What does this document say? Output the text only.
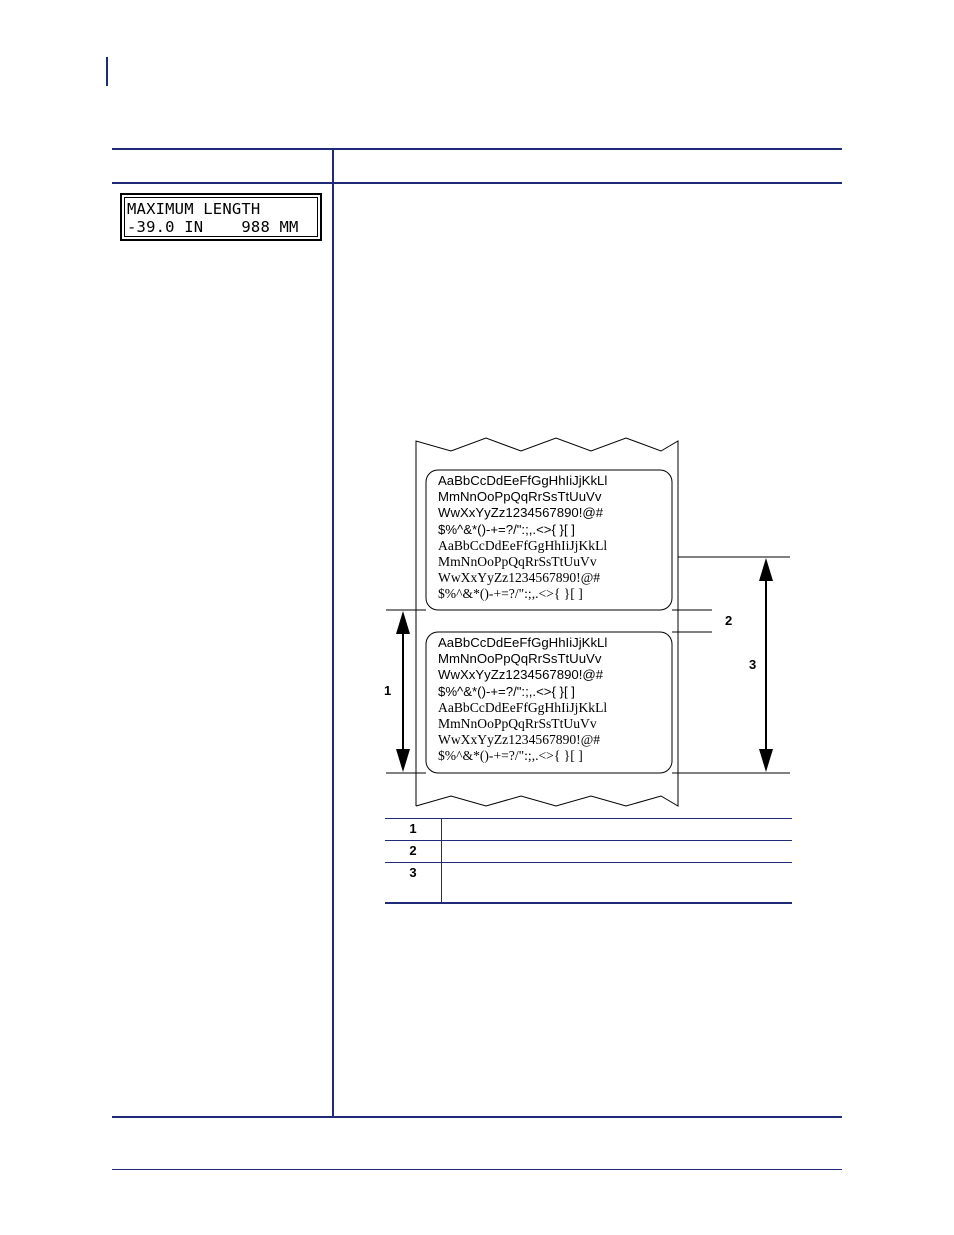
MAXIMUM LENGTH
-39.0 IN    988 MM
AaBbCcDdEeFfGgHhIiJjKkLl
MmNnOoPpQqRrSsTtUuVv
WwXxYyZz1234567890!@#
$%^&*()-+=?/":;,.<>{ }[ ]
AaBbCcDdEeFfGgHhIiJjKkLl
MmNnOoPpQqRrSsTtUuVv
WwXxYyZz1234567890!@#
$%^&*()-+=?/":;,.<>{ }[ ]
AaBbCcDdEeFfGgHhIiJjKkLl
MmNnOoPpQqRrSsTtUuVv
WwXxYyZz1234567890!@#
$%^&*()-+=?/":;,.<>{ }[ ]
AaBbCcDdEeFfGgHhIiJjKkLl
MmNnOoPpQqRrSsTtUuVv
WwXxYyZz1234567890!@#
$%^&*()-+=?/":;,.<>{ }[ ]
1
2
3
1
2
3
